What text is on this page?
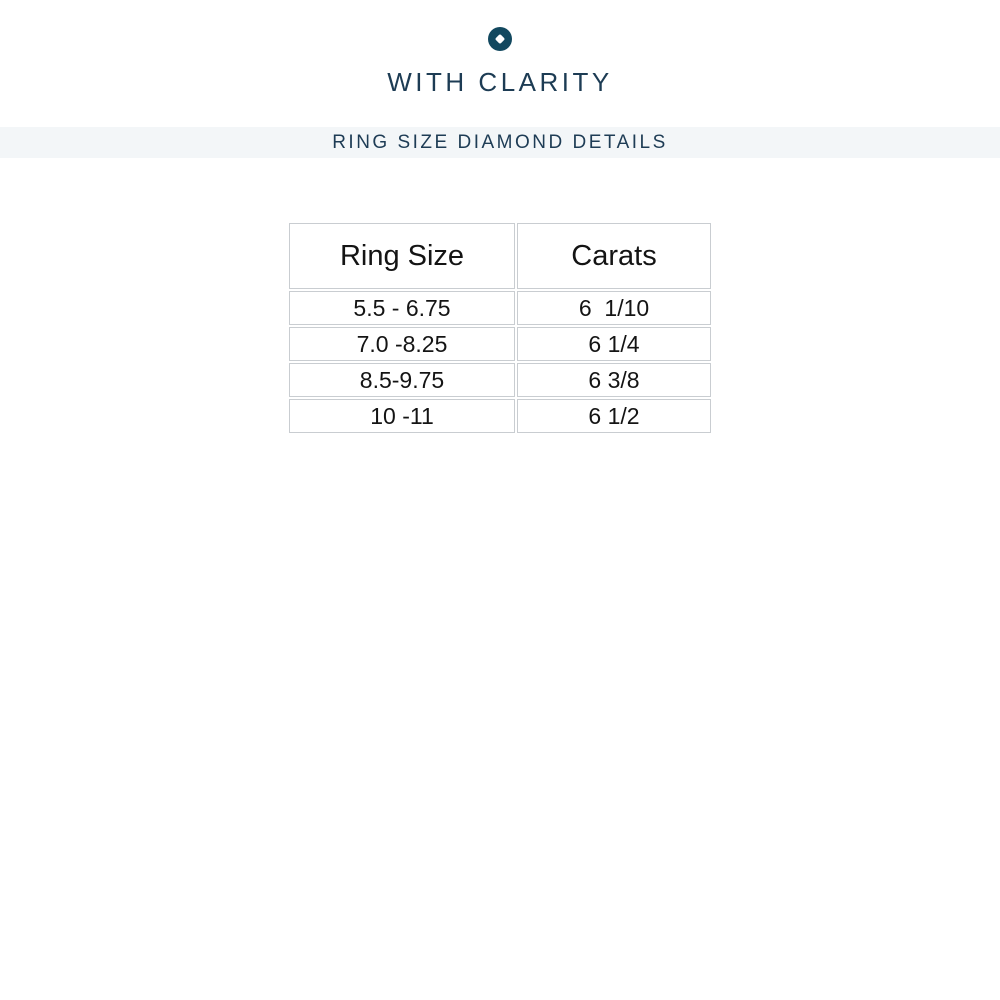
WITH CLARITY
RING SIZE DIAMOND DETAILS
Ring Size	Carats
5.5 - 6.75	6  1/10
7.0 -8.25	6 1/4
8.5-9.75	6 3/8
10 -11	6 1/2
